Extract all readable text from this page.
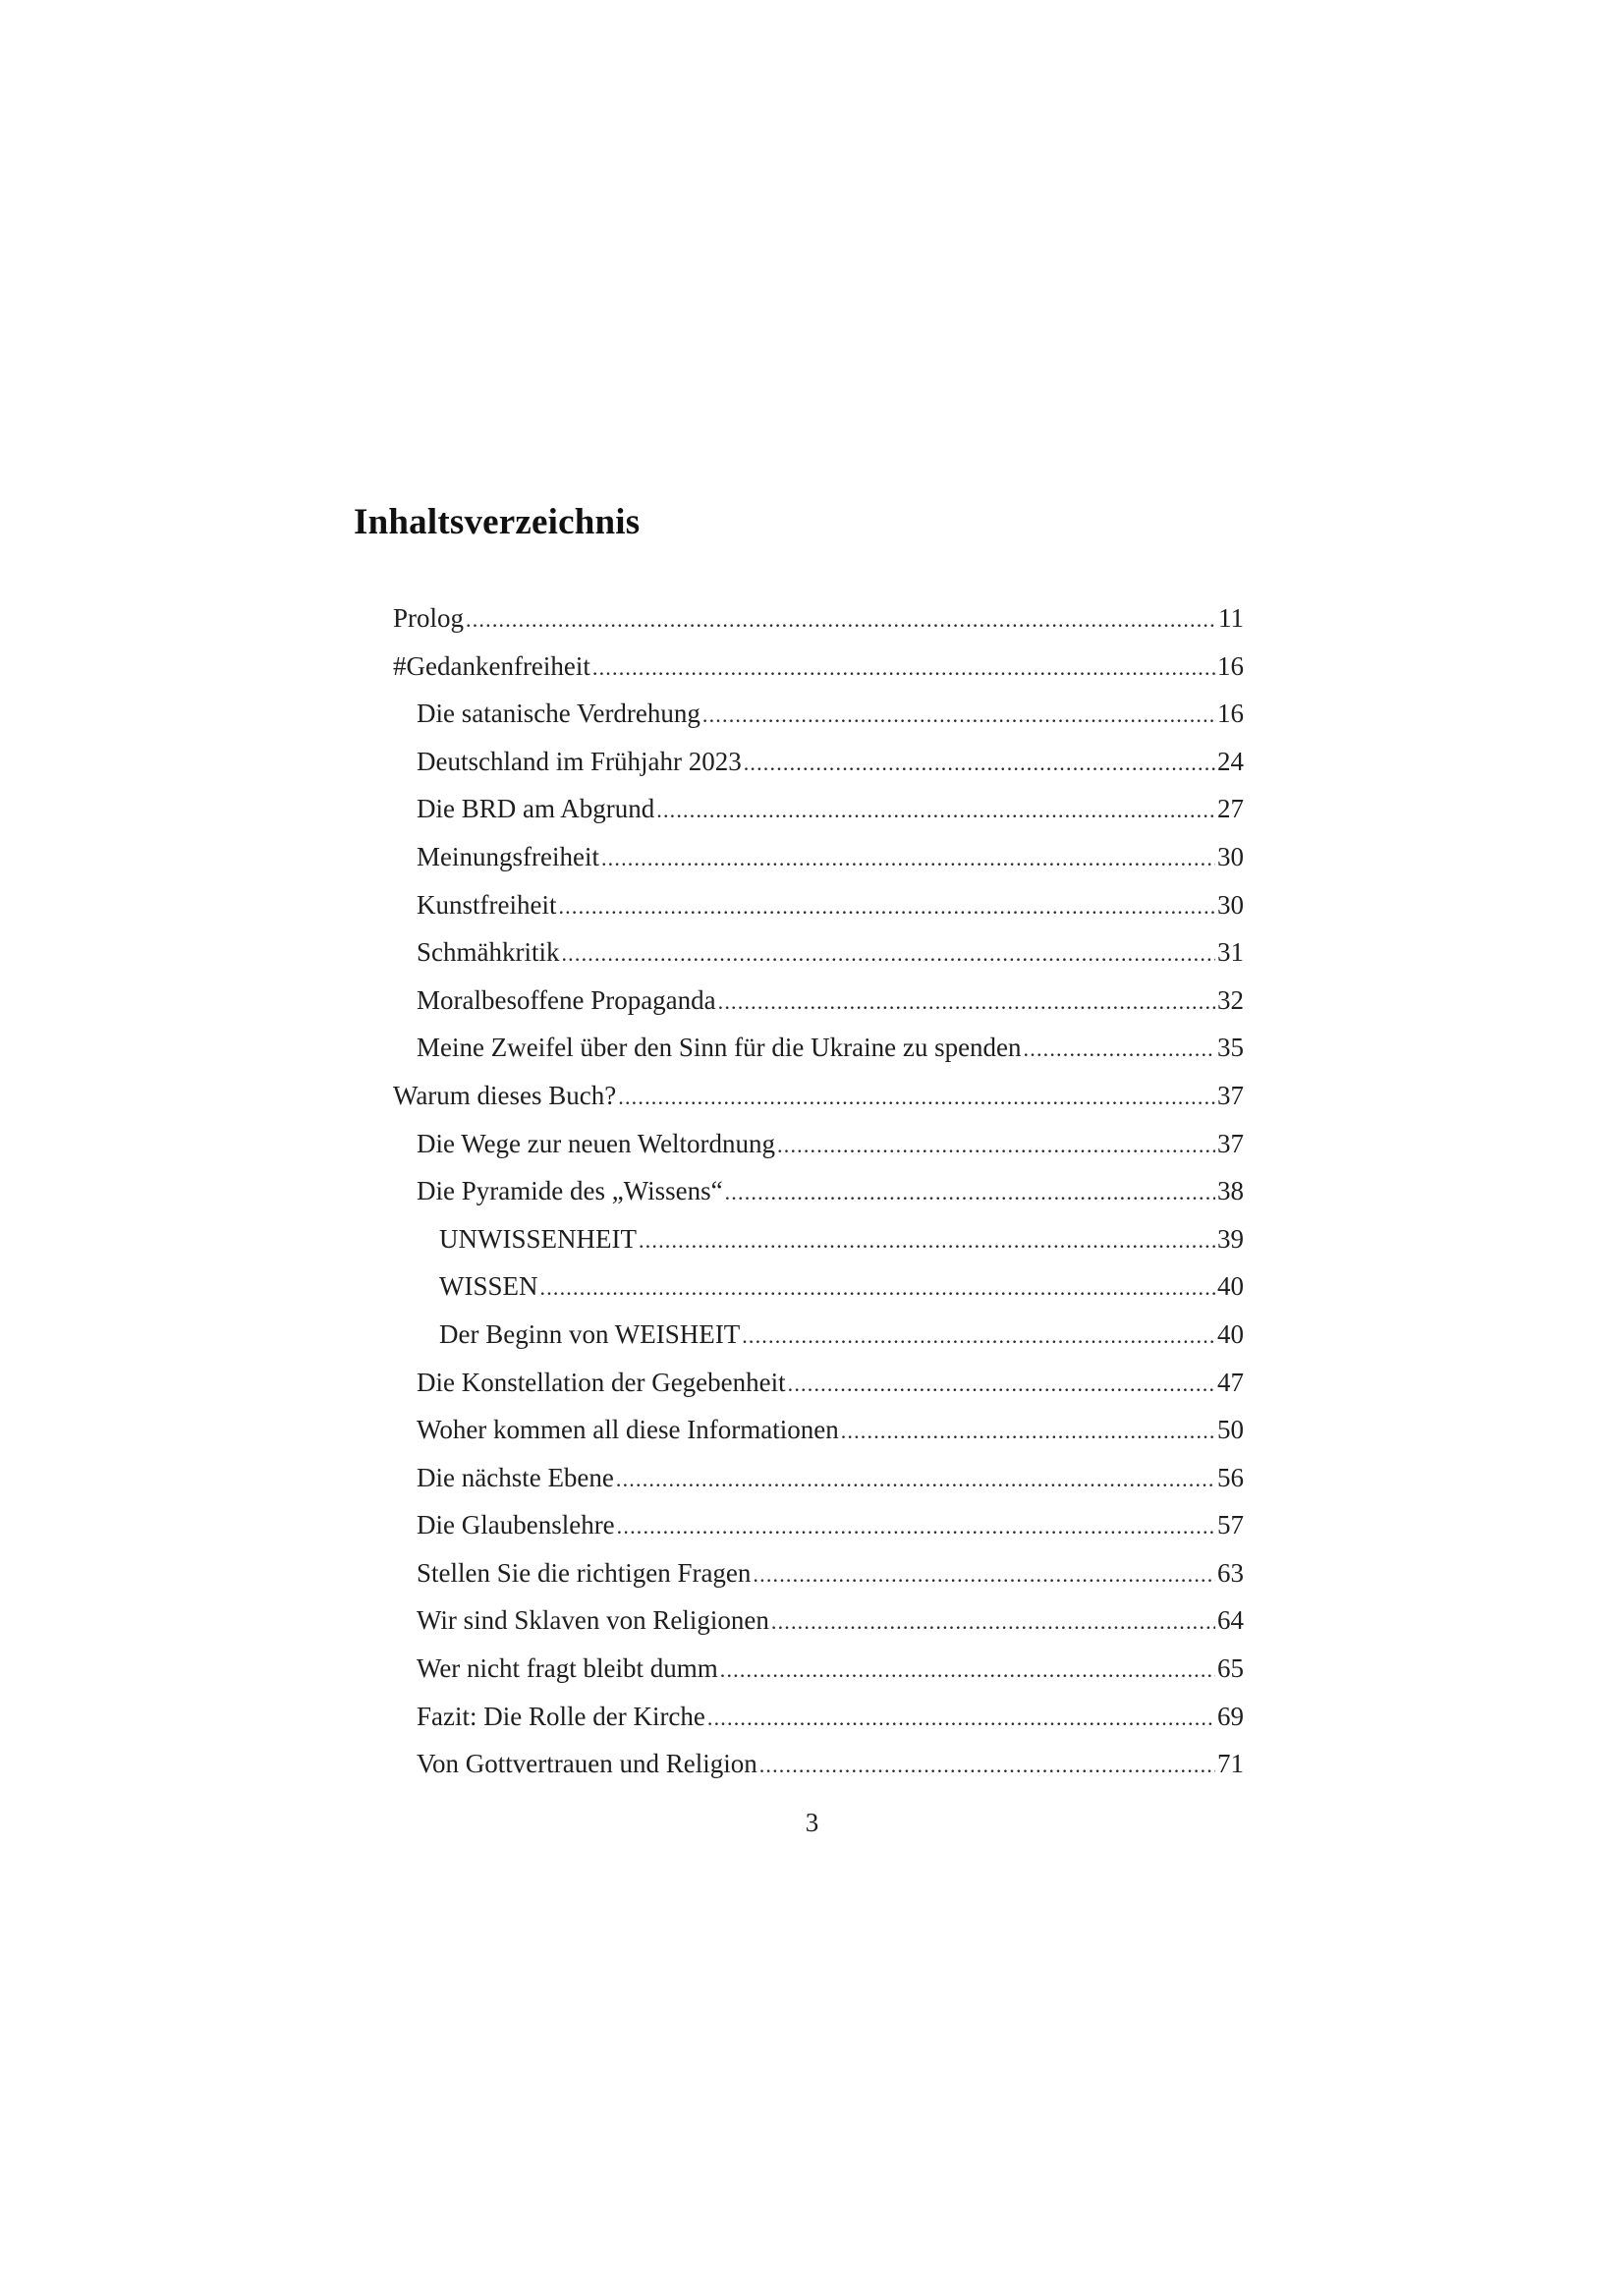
Inhaltsverzeichnis
Prolog .....	11
#Gedankenfreiheit .....	16
Die satanische Verdrehung .....	16
Deutschland im Frühjahr 2023 .....	24
Die BRD am Abgrund .....	27
Meinungsfreiheit .....	30
Kunstfreiheit .....	30
Schmähkritik .....	31
Moralbesoffene Propaganda .....	32
Meine Zweifel über den Sinn für die Ukraine zu spenden .....	35
Warum dieses Buch? .....	37
Die Wege zur neuen Weltordnung .....	37
Die Pyramide des „Wissens“ .....	38
UNWISSENHEIT .....	39
WISSEN .....	40
Der Beginn von WEISHEIT .....	40
Die Konstellation der Gegebenheit .....	47
Woher kommen all diese Informationen .....	50
Die nächste Ebene .....	56
Die Glaubenslehre .....	57
Stellen Sie die richtigen Fragen .....	63
Wir sind Sklaven von Religionen .....	64
Wer nicht fragt bleibt dumm .....	65
Fazit: Die Rolle der Kirche .....	69
Von Gottvertrauen und Religion .....	71
3
